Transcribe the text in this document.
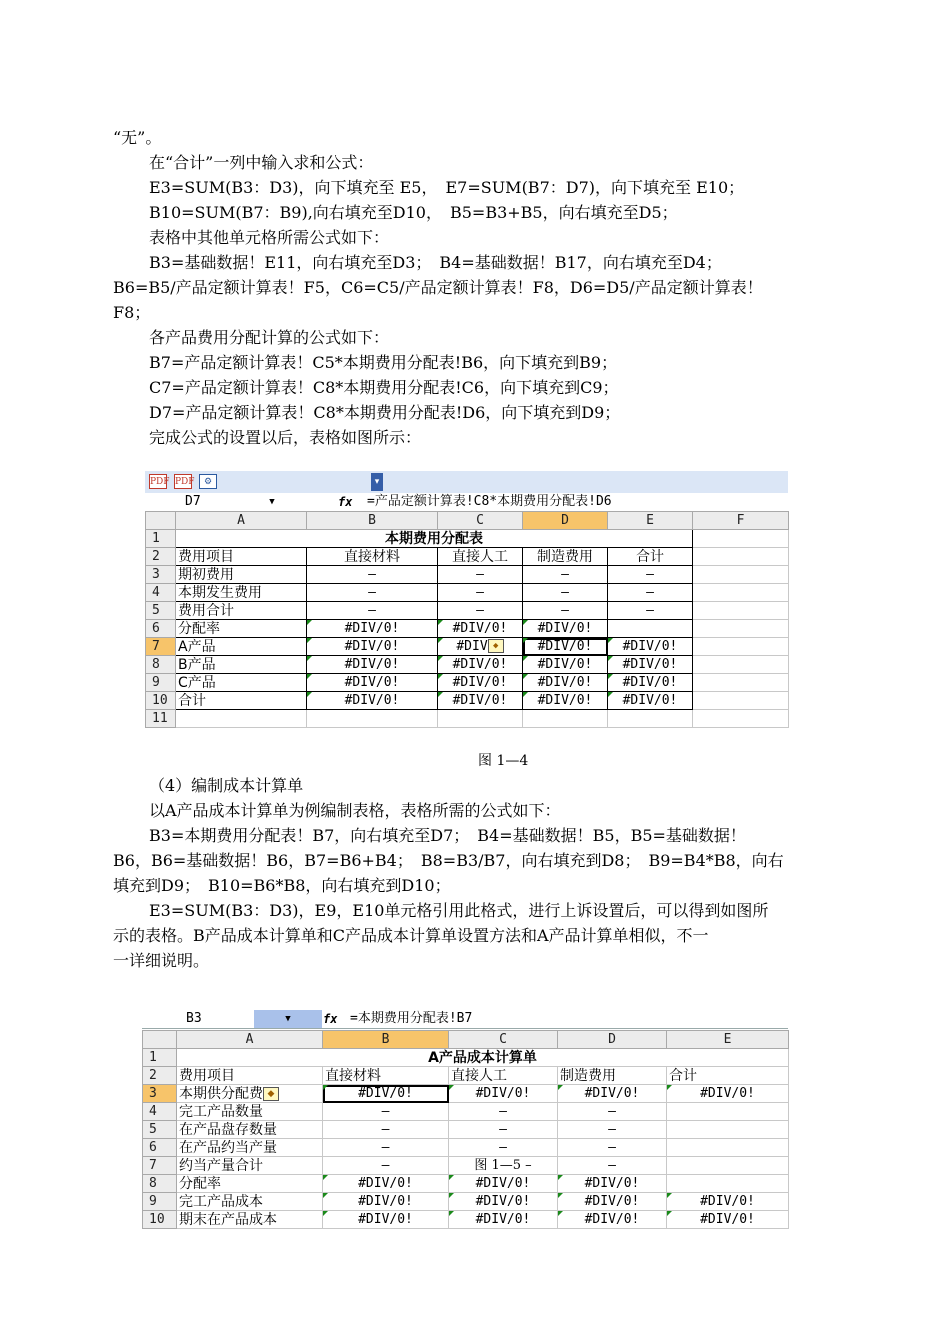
“无”。
在“合计”一列中输入求和公式：
E3=SUM(B3：D3)，向下填充至 E5，　E7=SUM(B7：D7)，向下填充至 E10；
B10=SUM(B7：B9),向右填充至D10，　B5=B3+B5，向右填充至D5；
表格中其他单元格所需公式如下：
B3=基础数据！E11，向右填充至D3；　B4=基础数据！B17，向右填充至D4；
B6=B5/产品定额计算表！F5，C6=C5/产品定额计算表！F8，D6=D5/产品定额计算表！
F8；
各产品费用分配计算的公式如下：
B7=产品定额计算表！C5*本期费用分配表!B6，向下填充到B9；
C7=产品定额计算表！C8*本期费用分配表!C6，向下填充到C9；
D7=产品定额计算表！C8*本期费用分配表!D6，向下填充到D9；
完成公式的设置以后，表格如图所示：
PDF PDF	⚙	▾
D7	▼	fx =产品定额计算表!C8*本期费用分配表!D6
	A	B	C	D	E	F
1	本期费用分配表					
2	费用项目	直接材料	直接人工	制造费用	合计	
3	期初费用	–	–	–	–	
4	本期发生费用	–	–	–	–	
5	费用合计	–	–	–	–	
6	分配率	#DIV/0!	#DIV/0!	#DIV/0!		
7	A产品	#DIV/0!	#DIV ◆	#DIV/0!	#DIV/0!	
8	B产品	#DIV/0!	#DIV/0!	#DIV/0!	#DIV/0!	
9	C产品	#DIV/0!	#DIV/0!	#DIV/0!	#DIV/0!	
10	合计	#DIV/0!	#DIV/0!	#DIV/0!	#DIV/0!	
11						
图 1—4
（4）编制成本计算单
以A产品成本计算单为例编制表格，表格所需的公式如下：
B3=本期费用分配表！B7，向右填充至D7；　B4=基础数据！B5，B5=基础数据！
B6，B6=基础数据！B6，B7=B6+B4；　B8=B3/B7，向右填充到D8；　B9=B4*B8，向右
填充到D9；　B10=B6*B8，向右填充到D10；
E3=SUM(B3：D3)，E9，E10单元格引用此格式，进行上诉设置后，可以得到如图所
示的表格。B产品成本计算单和C产品成本计算单设置方法和A产品计算单相似，不一
一详细说明。
B3	▼	fx =本期费用分配表!B7
	A	B	C	D	E
1	A产品成本计算单				
2	费用项目	直接材料	直接人工	制造费用	合计
3	本期供分配费 ◆	#DIV/0!	#DIV/0!	#DIV/0!	#DIV/0!
4	完工产品数量	–	–	–	
5	在产品盘存数量	–	–	–	
6	在产品约当产量	–	–	–	
7	约当产量合计	–	图 1—5 –	–	
8	分配率	#DIV/0!	#DIV/0!	#DIV/0!	
9	完工产品成本	#DIV/0!	#DIV/0!	#DIV/0!	#DIV/0!
10	期末在产品成本	#DIV/0!	#DIV/0!	#DIV/0!	#DIV/0!
